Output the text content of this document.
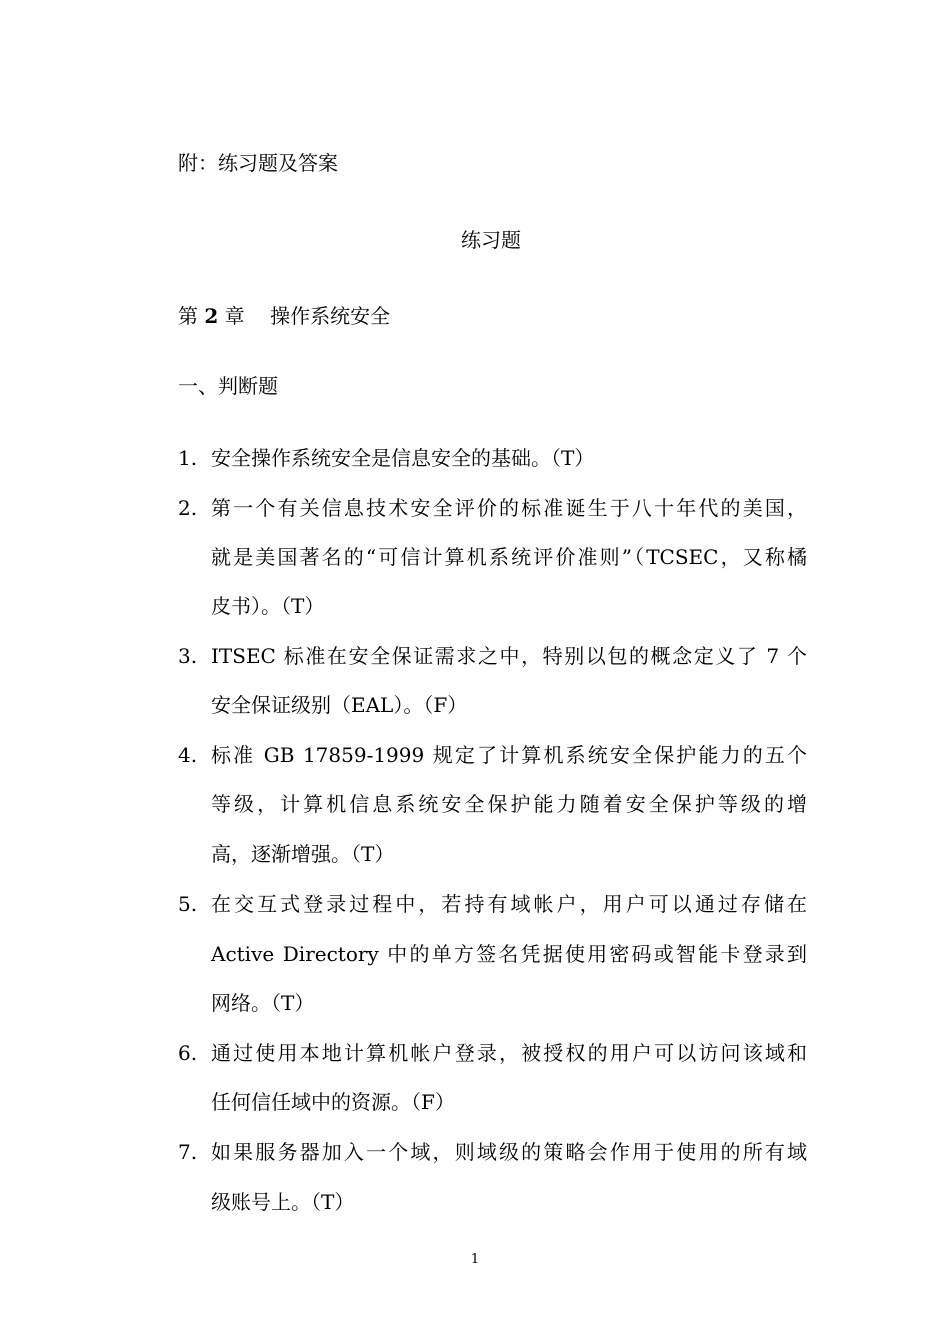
附：练习题及答案
练习题
第 2 章 操作系统安全
一、判断题
1. 安全操作系统安全是信息安全的基础。（T）
2. 第一个有关信息技术安全评价的标准诞生于八十年代的美国，
就是美国著名的“可信计算机系统评价准则”（TCSEC，又称橘
皮书）。（T）
3. ITSEC 标准在安全保证需求之中，特别以包的概念定义了 7 个
安全保证级别（EAL）。（F）
4. 标准 GB 17859-1999 规定了计算机系统安全保护能力的五个
等级，计算机信息系统安全保护能力随着安全保护等级的增
高，逐渐增强。（T）
5. 在交互式登录过程中，若持有域帐户，用户可以通过存储在
Active Directory 中的单方签名凭据使用密码或智能卡登录到
网络。（T）
6. 通过使用本地计算机帐户登录，被授权的用户可以访问该域和
任何信任域中的资源。（F）
7. 如果服务器加入一个域，则域级的策略会作用于使用的所有域
级账号上。（T）
1
